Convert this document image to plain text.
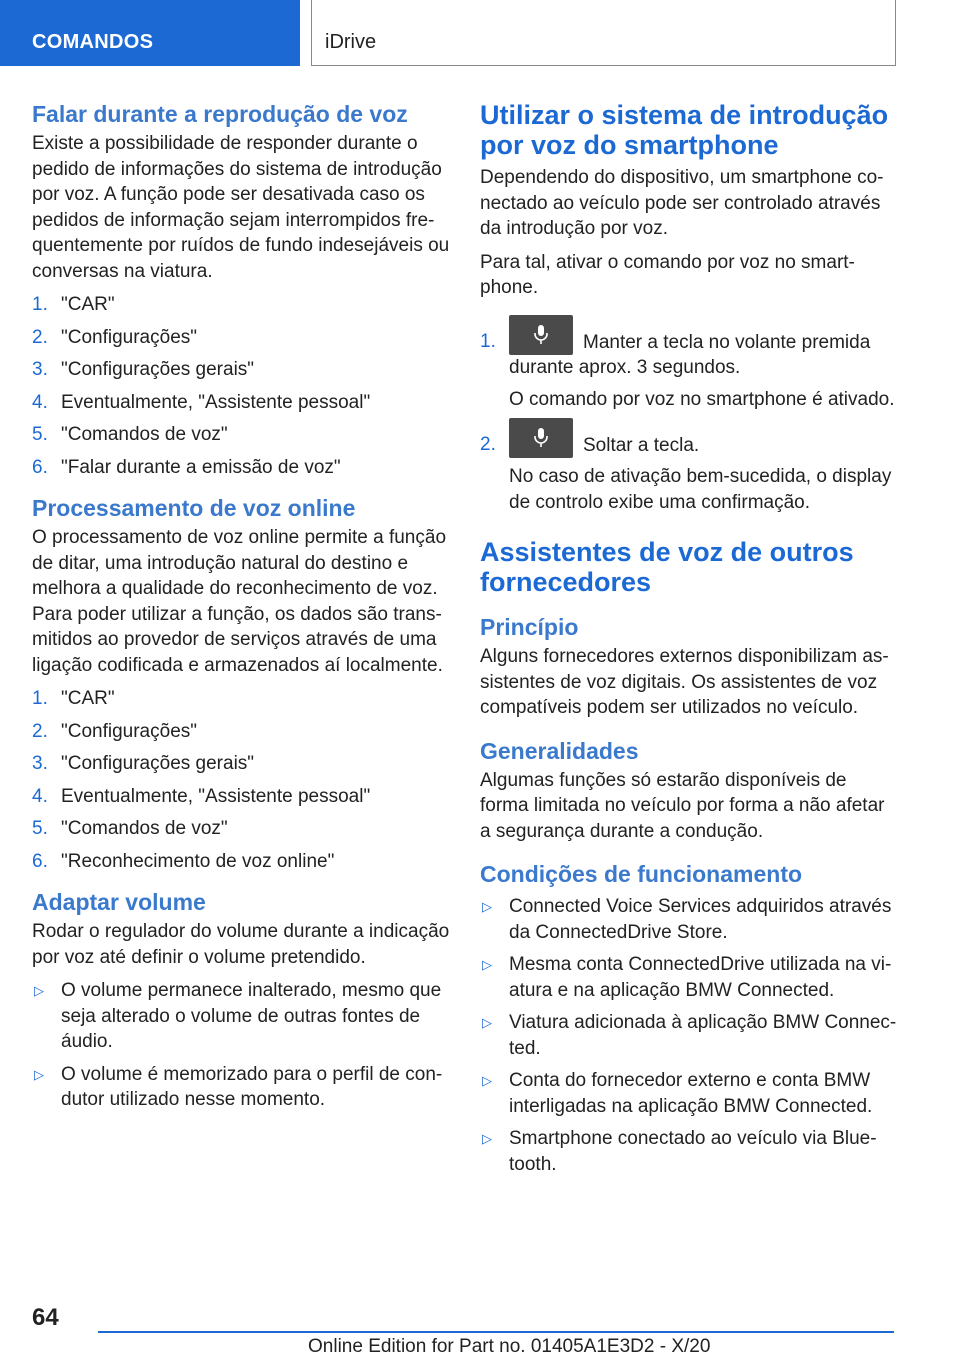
COMANDOS	iDrive
Falar durante a reprodução de voz

Existe a possibilidade de responder durante o pedido de informações do sistema de introdução por voz. A função pode ser desativada caso os pedidos de informação sejam interrompidos fre-quentemente por ruídos de fundo indesejáveis ou conversas na viatura.

1. "CAR"
2. "Configurações"
3. "Configurações gerais"
4. Eventualmente, "Assistente pessoal"
5. "Comandos de voz"
6. "Falar durante a emissão de voz"
Processamento de voz online

O processamento de voz online permite a função de ditar, uma introdução natural do destino e melhora a qualidade do reconhecimento de voz. Para poder utilizar a função, os dados são trans-mitidos ao provedor de serviços através de uma ligação codificada e armazenados aí localmente.

1. "CAR"
2. "Configurações"
3. "Configurações gerais"
4. Eventualmente, "Assistente pessoal"
5. "Comandos de voz"
6. "Reconhecimento de voz online"
Adaptar volume

Rodar o regulador do volume durante a indicação por voz até definir o volume pretendido.

▷ O volume permanece inalterado, mesmo que seja alterado o volume de outras fontes de áudio.
▷ O volume é memorizado para o perfil de con-dutor utilizado nesse momento.
Utilizar o sistema de introdução por voz do smartphone

Dependendo do dispositivo, um smartphone co-nectado ao veículo pode ser controlado através da introdução por voz.

Para tal, ativar o comando por voz no smart-phone.

1.	Manter a tecla no volante premida durante aprox. 3 segundos.

O comando por voz no smartphone é ativado.

2.	Soltar a tecla.

No caso de ativação bem-sucedida, o display de controlo exibe uma confirmação.

Assistentes de voz de outros fornecedores
Princípio

Alguns fornecedores externos disponibilizam as-sistentes de voz digitais. Os assistentes de voz compatíveis podem ser utilizados no veículo.

Generalidades

Algumas funções só estarão disponíveis de forma limitada no veículo por forma a não afetar a segurança durante a condução.

Condições de funcionamento
▷ Connected Voice Services adquiridos através da ConnectedDrive Store.
▷ Mesma conta ConnectedDrive utilizada na vi-atura e na aplicação BMW Connected.
▷ Viatura adicionada à aplicação BMW Connec-ted.
▷ Conta do fornecedor externo e conta BMW interligadas na aplicação BMW Connected.
▷ Smartphone conectado ao veículo via Blue-tooth.
64
Online Edition for Part no. 01405A1E3D2 - X/20
